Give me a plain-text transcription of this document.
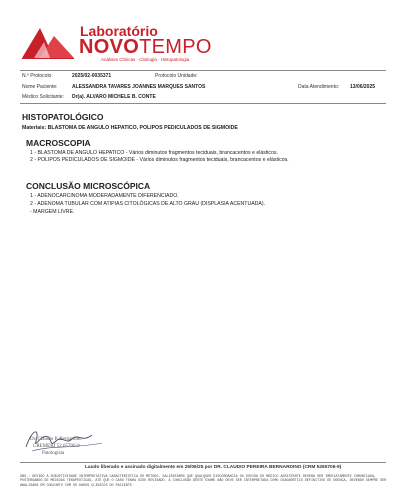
Laboratório
NOVOTEMPO
Análises Clínicas · Citologia · Histopatologia
N.º Protocolo:	2025/02-0035371	Protocolo Unidade:
Nome Paciente:	ALESSANDRA TAVARES JOANNES MARQUES SANTOS	Data Atendimento: 13/06/2025
Médico Solicitante: Dr(a). ALVARO MICHELE B. CONTE
HISTOPATOLÓGICO
Materiais: BLASTOMA DE ANGULO HEPATICO, POLIPOS PEDICULADOS DE SIGMOIDE
MACROSCOPIA
1 - BLASTOMA DE ANGULO HEPATICO - Vários diminutos fragmentos teciduais, brancacentos e elásticos.
2 - POLIPOS PEDICULADOS DE SIGMOIDE - Vários diminutos fragmentos teciduais, brancacentos e elásticos.
CONCLUSÃO MICROSCÓPICA
1 - ADENOCARCINOMA MODERADAMENTE DIFERENCIADO.
2 - ADENOMA TUBULAR COM ATIPIAS CITOLÓGICAS DE ALTO GRAU (DISPLASIA ACENTUADA).
- MARGEM LIVRE.
Dr. Cláudio P. Bernardino
CREMERJ 52.65706-9
Patologista
Laudo liberado e assinado digitalmente em 25/06/25 por DR. CLAUDIO PEREIRA BERNARDINO (CRM 5265706-9)
OBS.: DEVIDO À SUBJETIVIDADE INTERPRETATIVA CARACTERÍSTICA DO MÉTODO, SALIENTAMOS QUE QUALQUER DISCORDÂNCIA OU DÚVIDA DO MÉDICO ASSISTENTE DEVERÁ SER IMEDIATAMENTE COMUNICADA, POSTERGANDO-SE MEDIDAS TERAPÊUTICAS, ATÉ QUE O CASO TENHA SIDO REVISADO. A CONCLUSÃO DESTE EXAME NÃO DEVE SER INTERPRETADA COMO DIAGNÓSTICO DEFINITIVO DE DOENÇA, DEVENDO SEMPRE SER ANALISADA EM CONJUNTO COM OS DADOS CLÍNICOS DO PACIENTE.
